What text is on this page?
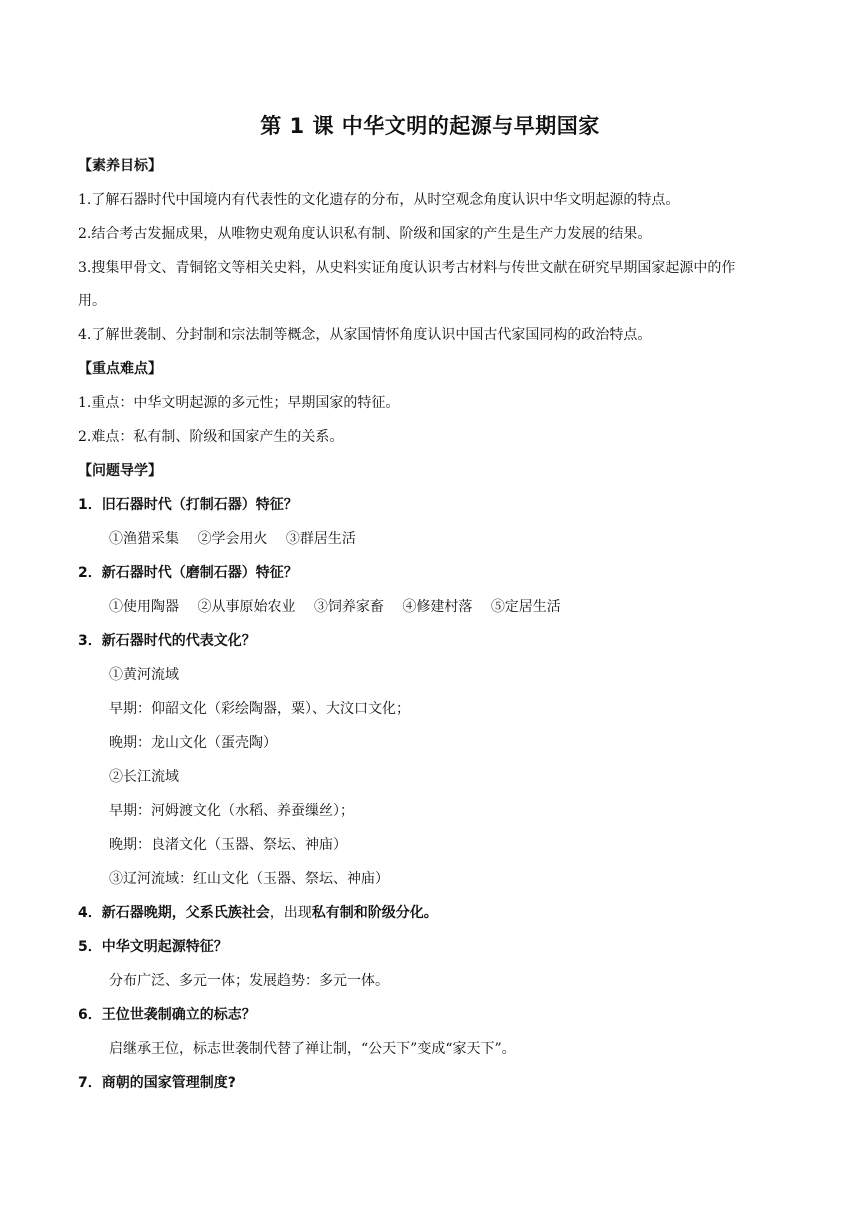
第 1 课 中华文明的起源与早期国家
【素养目标】
1.了解石器时代中国境内有代表性的文化遗存的分布，从时空观念角度认识中华文明起源的特点。
2.结合考古发掘成果，从唯物史观角度认识私有制、阶级和国家的产生是生产力发展的结果。
3.搜集甲骨文、青铜铭文等相关史料，从史料实证角度认识考古材料与传世文献在研究早期国家起源中的作
用。
4.了解世袭制、分封制和宗法制等概念，从家国情怀角度认识中国古代家国同构的政治特点。
【重点难点】
1.重点：中华文明起源的多元性；早期国家的特征。
2.难点：私有制、阶级和国家产生的关系。
【问题导学】
1．旧石器时代（打制石器）特征？
①渔猎采集 ②学会用火 ③群居生活
2．新石器时代（磨制石器）特征？
①使用陶器 ②从事原始农业 ③饲养家畜 ④修建村落 ⑤定居生活
3．新石器时代的代表文化？
①黄河流域
早期：仰韶文化（彩绘陶器，粟）、大汶口文化；
晚期：龙山文化（蛋壳陶）
②长江流域
早期：河姆渡文化（水稻、养蚕缫丝）；
晚期：良渚文化（玉器、祭坛、神庙）
③辽河流域：红山文化（玉器、祭坛、神庙）
4．新石器晚期，父系氏族社会，出现私有制和阶级分化。
5．中华文明起源特征？
分布广泛、多元一体；发展趋势：多元一体。
6．王位世袭制确立的标志？
启继承王位，标志世袭制代替了禅让制，“公天下”变成“家天下”。
7．商朝的国家管理制度?
